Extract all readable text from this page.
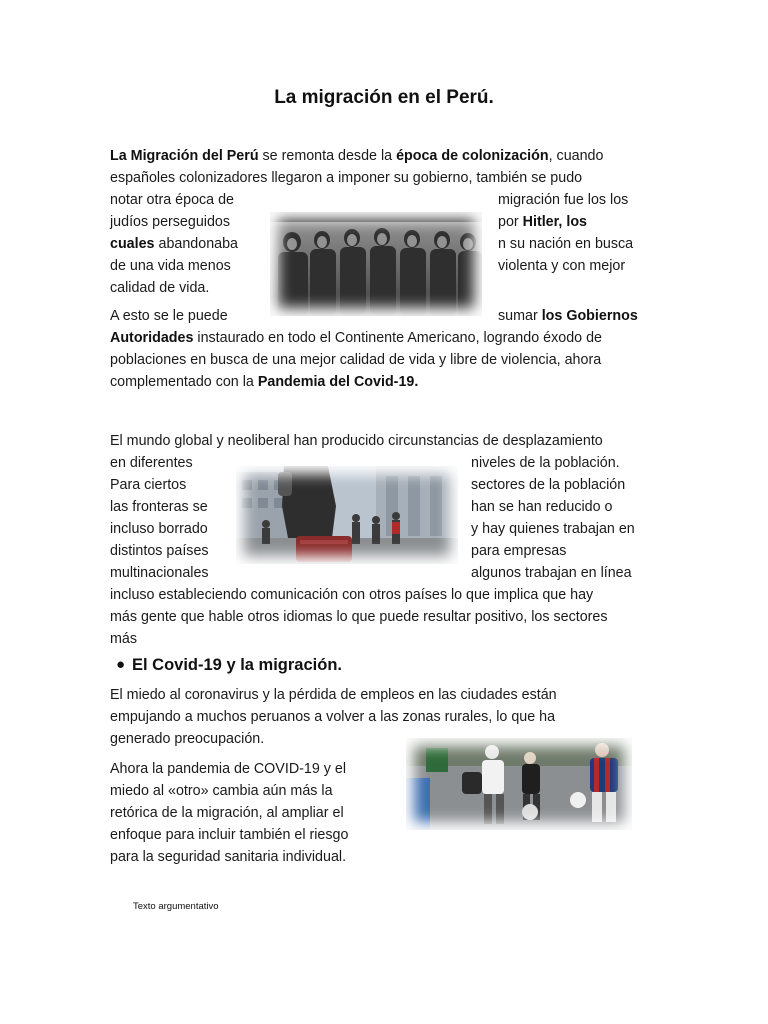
La migración en el Perú.
La Migración del Perú se remonta desde la época de colonización, cuando
españoles colonizadores llegaron a imponer su gobierno, también se pudo
notar otra época de	migración fue los los
judíos perseguidos	por Hitler, los
cuales abandonaba	n su nación en busca
de una vida menos	violenta y con mejor
calidad de vida.
A esto se le puede	sumar los Gobiernos
Autoridades instaurado en todo el Continente Americano, logrando éxodo de
poblaciones en busca de una mejor calidad de vida y libre de violencia, ahora
complementado con la Pandemia del Covid-19.
El mundo global y neoliberal han producido circunstancias de desplazamiento
en diferentes	niveles de la población.
Para ciertos	sectores de la población
las fronteras se	han se han reducido o
incluso borrado	y hay quienes trabajan en
distintos países	para empresas
multinacionales	algunos trabajan en línea
incluso estableciendo comunicación con otros países lo que implica que hay
más gente que hable otros idiomas lo que puede resultar positivo, los sectores
más
● El Covid-19 y la migración.
El miedo al coronavirus y la pérdida de empleos en las ciudades están
empujando a muchos peruanos a volver a las zonas rurales, lo que ha
generado preocupación.
Ahora la pandemia de COVID-19 y el
miedo al «otro» cambia aún más la
retórica de la migración, al ampliar el
enfoque para incluir también el riesgo
para la seguridad sanitaria individual.
Texto argumentativo
